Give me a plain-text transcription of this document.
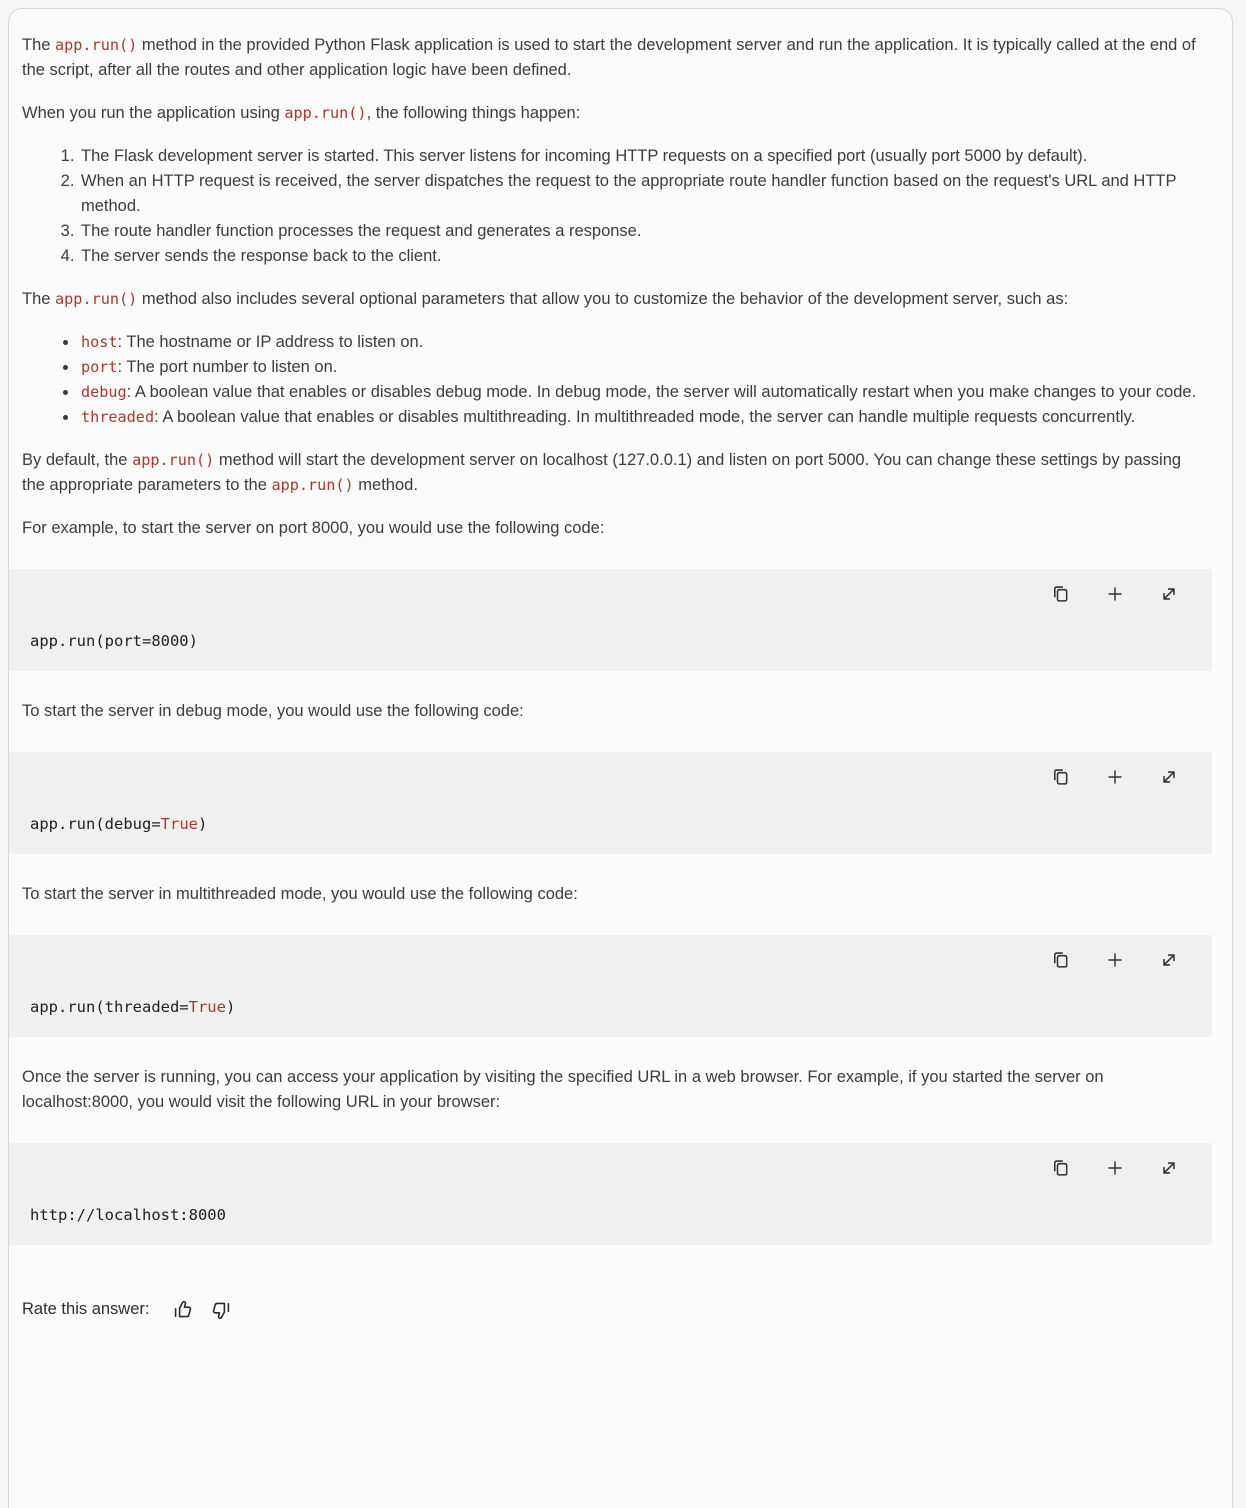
The app.run() method in the provided Python Flask application is used to start the development server and run the application. It is typically called at the end of the script, after all the routes and other application logic have been defined.

When you run the application using app.run(), the following things happen:

1. The Flask development server is started. This server listens for incoming HTTP requests on a specified port (usually port 5000 by default).
2. When an HTTP request is received, the server dispatches the request to the appropriate route handler function based on the request's URL and HTTP method.
3. The route handler function processes the request and generates a response.
4. The server sends the response back to the client.

The app.run() method also includes several optional parameters that allow you to customize the behavior of the development server, such as:

• host: The hostname or IP address to listen on.
• port: The port number to listen on.
• debug: A boolean value that enables or disables debug mode. In debug mode, the server will automatically restart when you make changes to your code.
• threaded: A boolean value that enables or disables multithreading. In multithreaded mode, the server can handle multiple requests concurrently.

By default, the app.run() method will start the development server on localhost (127.0.0.1) and listen on port 5000. You can change these settings by passing the appropriate parameters to the app.run() method.

For example, to start the server on port 8000, you would use the following code:

app.run(port=8000)

To start the server in debug mode, you would use the following code:

app.run(debug=True)

To start the server in multithreaded mode, you would use the following code:

app.run(threaded=True)

Once the server is running, you can access your application by visiting the specified URL in a web browser. For example, if you started the server on localhost:8000, you would visit the following URL in your browser:

http://localhost:8000
Rate this answer:
